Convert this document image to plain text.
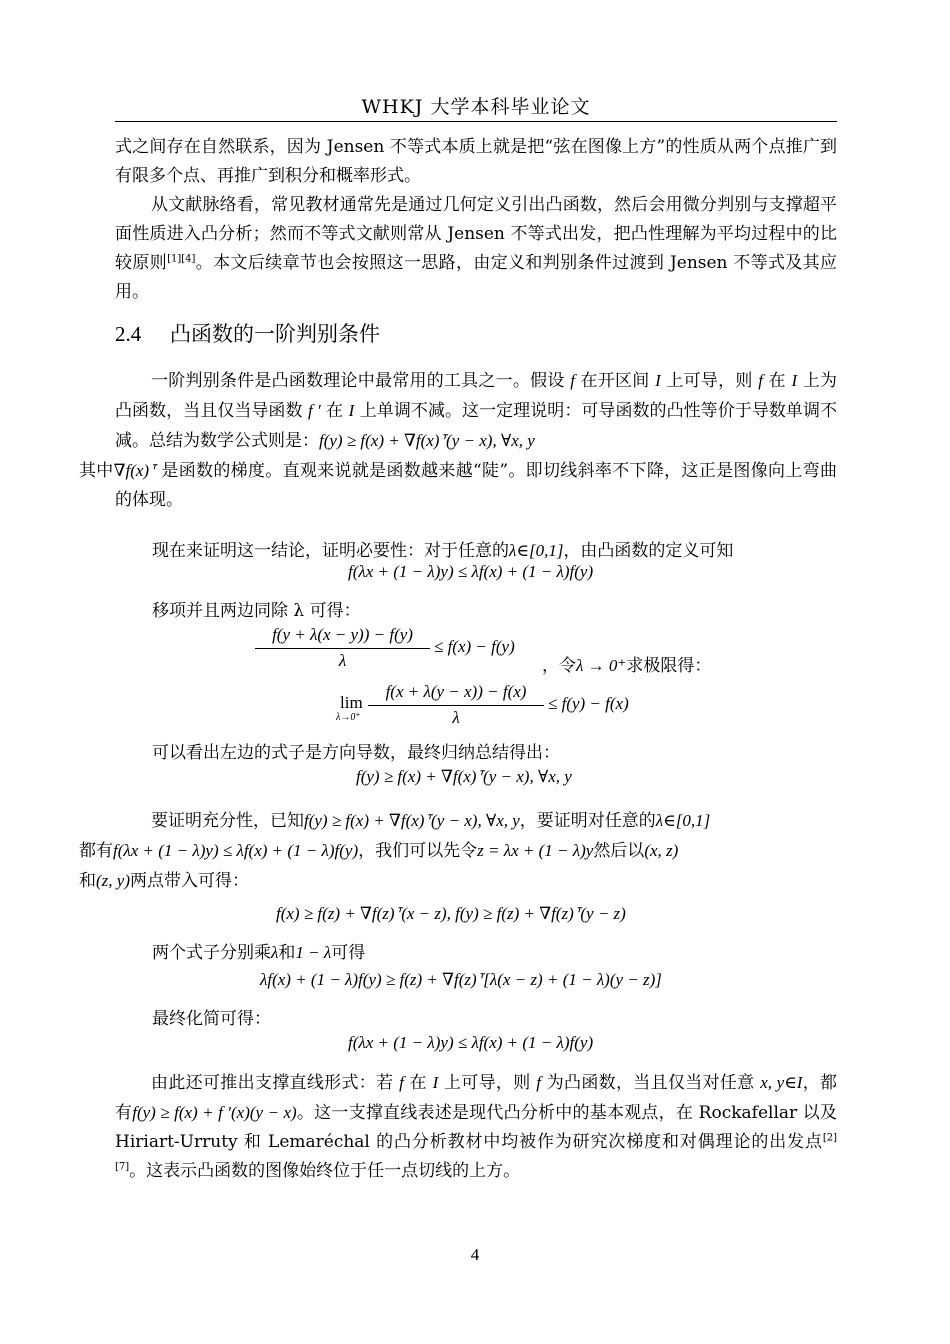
WHKJ 大学本科毕业论文
式之间存在自然联系，因为 Jensen 不等式本质上就是把“弦在图像上方”的性质从两个点推广到有限多个点、再推广到积分和概率形式。
从文献脉络看，常见教材通常先是通过几何定义引出凸函数，然后会用微分判别与支撑超平面性质进入凸分析；然而不等式文献则常从 Jensen 不等式出发，把凸性理解为平均过程中的比较原则[1][4]。本文后续章节也会按照这一思路，由定义和判别条件过渡到 Jensen 不等式及其应用。
2.4 凸函数的一阶判别条件
一阶判别条件是凸函数理论中最常用的工具之一。假设 f 在开区间 I 上可导，则 f 在 I 上为凸函数，当且仅当导函数 f ′ 在 I 上单调不减。这一定理说明：可导函数的凸性等价于导数单调不减。总结为数学公式则是：f(y) ≥ f(x) + ∇f(x)ᐪ(y − x), ∀x, y
其中∇f(x)ᐪ 是函数的梯度。直观来说就是函数越来越“陡”。即切线斜率不下降，这正是图像向上弯曲的体现。
现在来证明这一结论，证明必要性：对于任意的λ∈[0,1]，由凸函数的定义可知
f(λx + (1 − λ)y) ≤ λf(x) + (1 − λ)f(y)
移项并且两边同除 λ 可得：
f(y + λ(x − y)) − f(y)
λ
≤ f(x) − f(y)
，令λ → 0⁺求极限得：
lim
λ→0⁺
f(x + λ(y − x)) − f(x)
λ
≤ f(y) − f(x)
可以看出左边的式子是方向导数，最终归纳总结得出：
f(y) ≥ f(x) + ∇f(x)ᐪ(y − x), ∀x, y
要证明充分性，已知f(y) ≥ f(x) + ∇f(x)ᐪ(y − x), ∀x, y，要证明对任意的λ∈[0,1]
都有f(λx + (1 − λ)y) ≤ λf(x) + (1 − λ)f(y)，我们可以先令z = λx + (1 − λ)y然后以(x, z)
和(z, y)两点带入可得：
f(x) ≥ f(z) + ∇f(z)ᐪ(x − z), f(y) ≥ f(z) + ∇f(z)ᐪ(y − z)
两个式子分别乘λ和1 − λ可得
λf(x) + (1 − λ)f(y) ≥ f(z) + ∇f(z)ᐪ[λ(x − z) + (1 − λ)(y − z)]
最终化简可得：
f(λx + (1 − λ)y) ≤ λf(x) + (1 − λ)f(y)
由此还可推出支撑直线形式：若 f 在 I 上可导，则 f 为凸函数，当且仅当对任意 x, y∈I，都有f(y) ≥ f(x) + f ′(x)(y − x)。这一支撑直线表述是现代凸分析中的基本观点，在 Rockafellar 以及 Hiriart-Urruty 和 Lemaréchal 的凸分析教材中均被作为研究次梯度和对偶理论的出发点[2][7]。这表示凸函数的图像始终位于任一点切线的上方。
4
